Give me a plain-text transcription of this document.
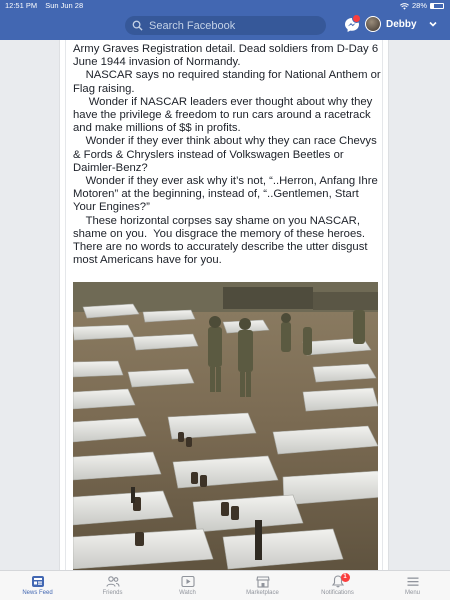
12:51 PM Sun Jun 28	28%
Search Facebook
Debby

Army Graves Registration detail. Dead soldiers from D-Day 6 June 1944 invasion of Normandy.

NASCAR says no required standing for National Anthem or Flag raising.

Wonder if NASCAR leaders ever thought about why they have the privilege & freedom to run cars around a racetrack and make millions of $$ in profits.

Wonder if they ever think about why they can race Chevys & Fords & Chryslers instead of Volkswagen Beetles or Daimler-Benz?

Wonder if they ever ask why it’s not, “..Herron, Anfang Ihre Motoren” at the beginning, instead of, “..Gentlemen, Start Your Engines?”

These horizontal corpses say shame on you NASCAR, shame on you.  You disgrace the memory of these heroes. There are no words to accurately describe the utter disgust most Americans have for you.

News Feed	Friends	Watch	Marketplace
1
Notifications	Menu
